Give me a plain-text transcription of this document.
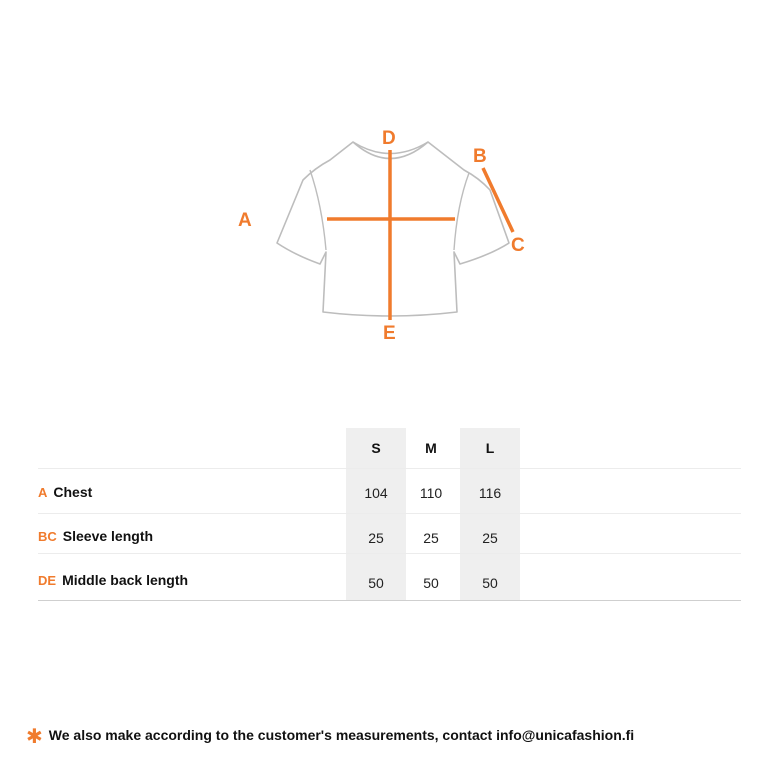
A
B
C
D
E
S	M	L
A Chest	104	110	116
BC Sleeve length	25	25	25
DE Middle back length	50	50	50
✱ We also make according to the customer's measurements, contact info@unicafashion.fi
